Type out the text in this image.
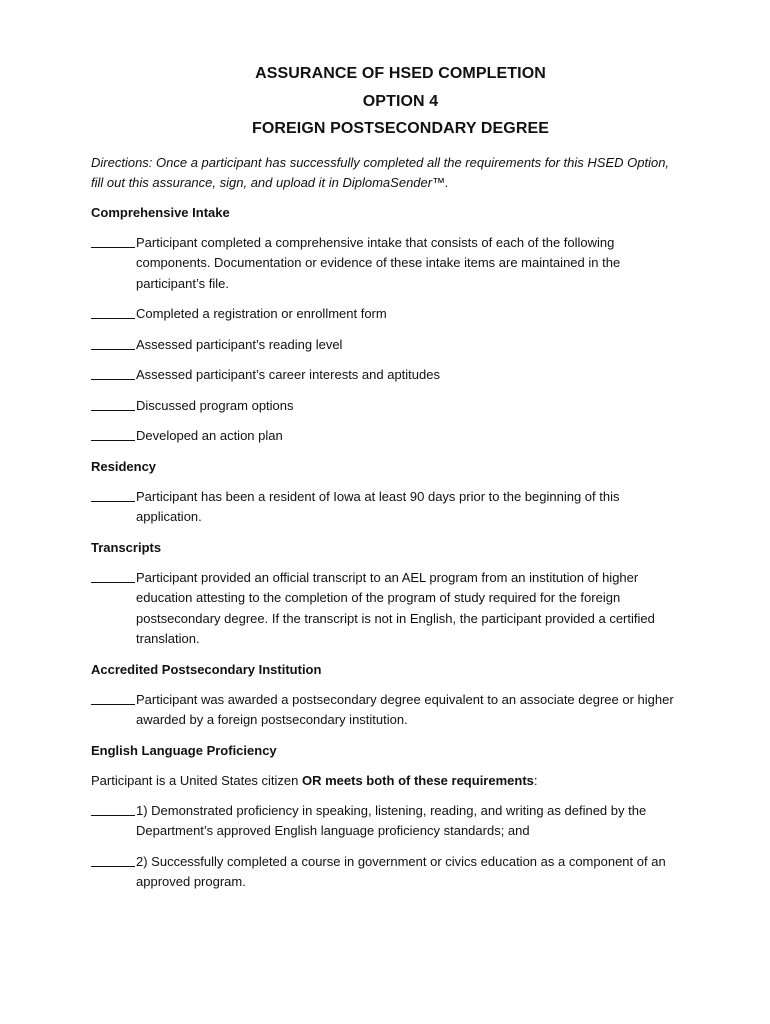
ASSURANCE OF HSED COMPLETION
OPTION 4
FOREIGN POSTSECONDARY DEGREE
Directions: Once a participant has successfully completed all the requirements for this HSED Option, fill out this assurance, sign, and upload it in DiplomaSender™.
Comprehensive Intake
Participant completed a comprehensive intake that consists of each of the following components. Documentation or evidence of these intake items are maintained in the participant’s file.
Completed a registration or enrollment form
Assessed participant’s reading level
Assessed participant’s career interests and aptitudes
Discussed program options
Developed an action plan
Residency
Participant has been a resident of Iowa at least 90 days prior to the beginning of this application.
Transcripts
Participant provided an official transcript to an AEL program from an institution of higher education attesting to the completion of the program of study required for the foreign postsecondary degree. If the transcript is not in English, the participant provided a certified translation.
Accredited Postsecondary Institution
Participant was awarded a postsecondary degree equivalent to an associate degree or higher awarded by a foreign postsecondary institution.
English Language Proficiency
Participant is a United States citizen OR meets both of these requirements:
1) Demonstrated proficiency in speaking, listening, reading, and writing as defined by the Department’s approved English language proficiency standards; and
2) Successfully completed a course in government or civics education as a component of an approved program.
